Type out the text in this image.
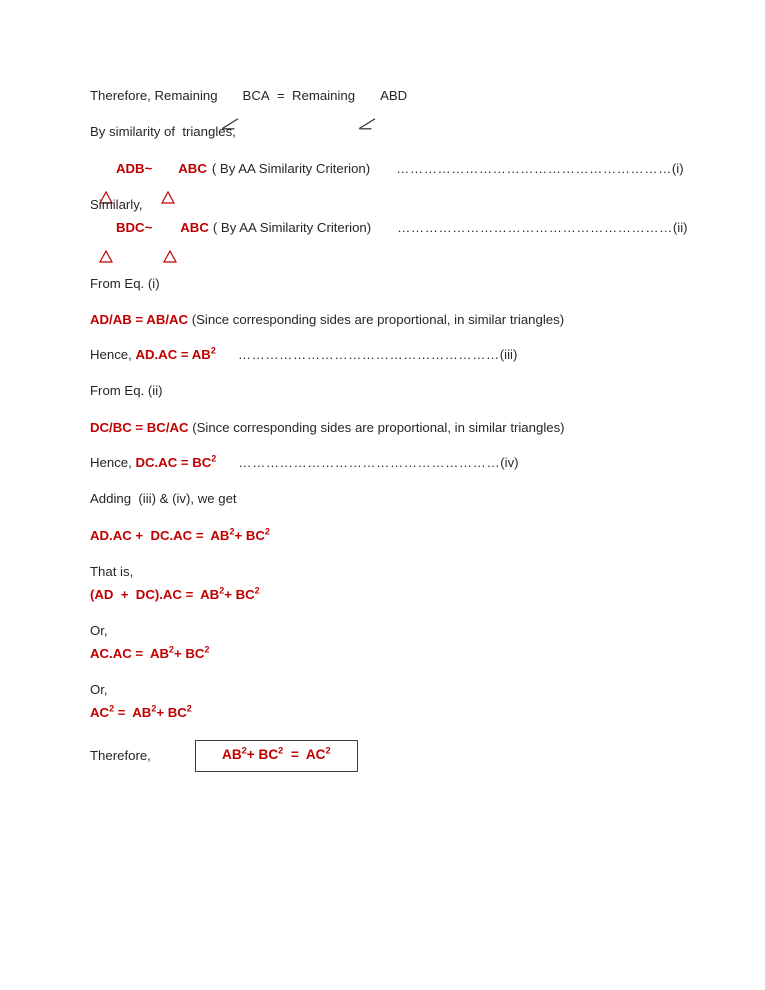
Therefore, Remaining

BCA = Remaining

ABD
By similarity of  triangles,

ADB ~

ABC ( By AA Similarity Criterion) …………………………………………………… (i)
Similarly,

BDC ~

ABC ( By AA Similarity Criterion) …………………………………………………… (ii)
From Eq. (i)
AD/AB = AB/AC (Since corresponding sides are proportional, in similar triangles)
Hence, $AD.AC = AB^2$ ………………………………………………… (iii)
From Eq. (ii)
DC/BC = BC/AC (Since corresponding sides are proportional, in similar triangles)
Hence, $DC.AC = BC^2$ ………………………………………………… (iv)
Adding  (iii) & (iv), we get
$AD.AC + DC.AC = AB^2+ BC^2$
That is,
$(AD + DC).AC = AB^2+ BC^2$
Or,
$AC.AC = AB^2+ BC^2$
Or,
$AC^2 = AB^2+ BC^2$
Therefore,	$AB^2+ BC^2 = AC^2$
